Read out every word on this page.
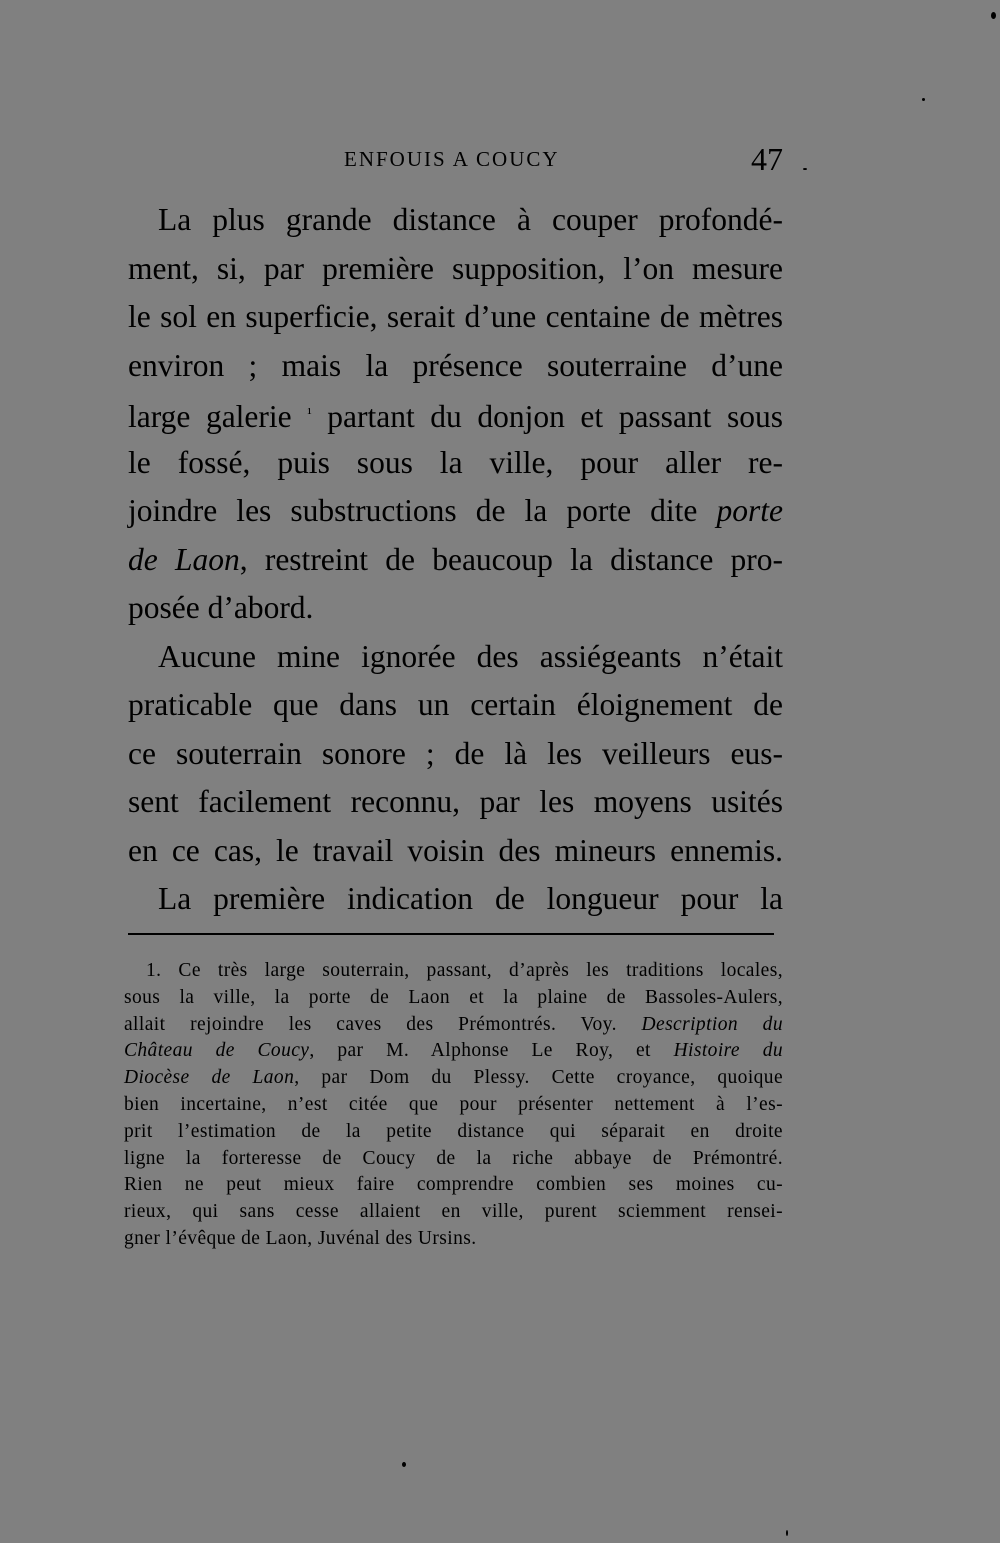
ENFOUIS A COUCY	47
La plus grande distance à couper profondé-
ment, si, par première supposition, l’on mesure
le sol en superficie, serait d’une centaine de mètres
environ ; mais la présence souterraine d’une
large galerie $^{^1}$ partant du donjon et passant sous
le fossé, puis sous la ville, pour aller re-
joindre les substructions de la porte dite porte
de Laon, restreint de beaucoup la distance pro-
posée d’abord.
Aucune mine ignorée des assiégeants n’était
praticable que dans un certain éloignement de
ce souterrain sonore ; de là les veilleurs eus-
sent facilement reconnu, par les moyens usités
en ce cas, le travail voisin des mineurs ennemis.
La première indication de longueur pour la
1. Ce très large souterrain, passant, d’après les traditions locales,
sous la ville, la porte de Laon et la plaine de Bassoles-Aulers,
allait rejoindre les caves des Prémontrés. Voy. Description du
Château de Coucy, par M. Alphonse Le Roy, et Histoire du
Diocèse de Laon, par Dom du Plessy. Cette croyance, quoique
bien incertaine, n’est citée que pour présenter nettement à l’es-
prit l’estimation de la petite distance qui séparait en droite
ligne la forteresse de Coucy de la riche abbaye de Prémontré.
Rien ne peut mieux faire comprendre combien ses moines cu-
rieux, qui sans cesse allaient en ville, purent sciemment rensei-
gner l’évêque de Laon, Juvénal des Ursins.
